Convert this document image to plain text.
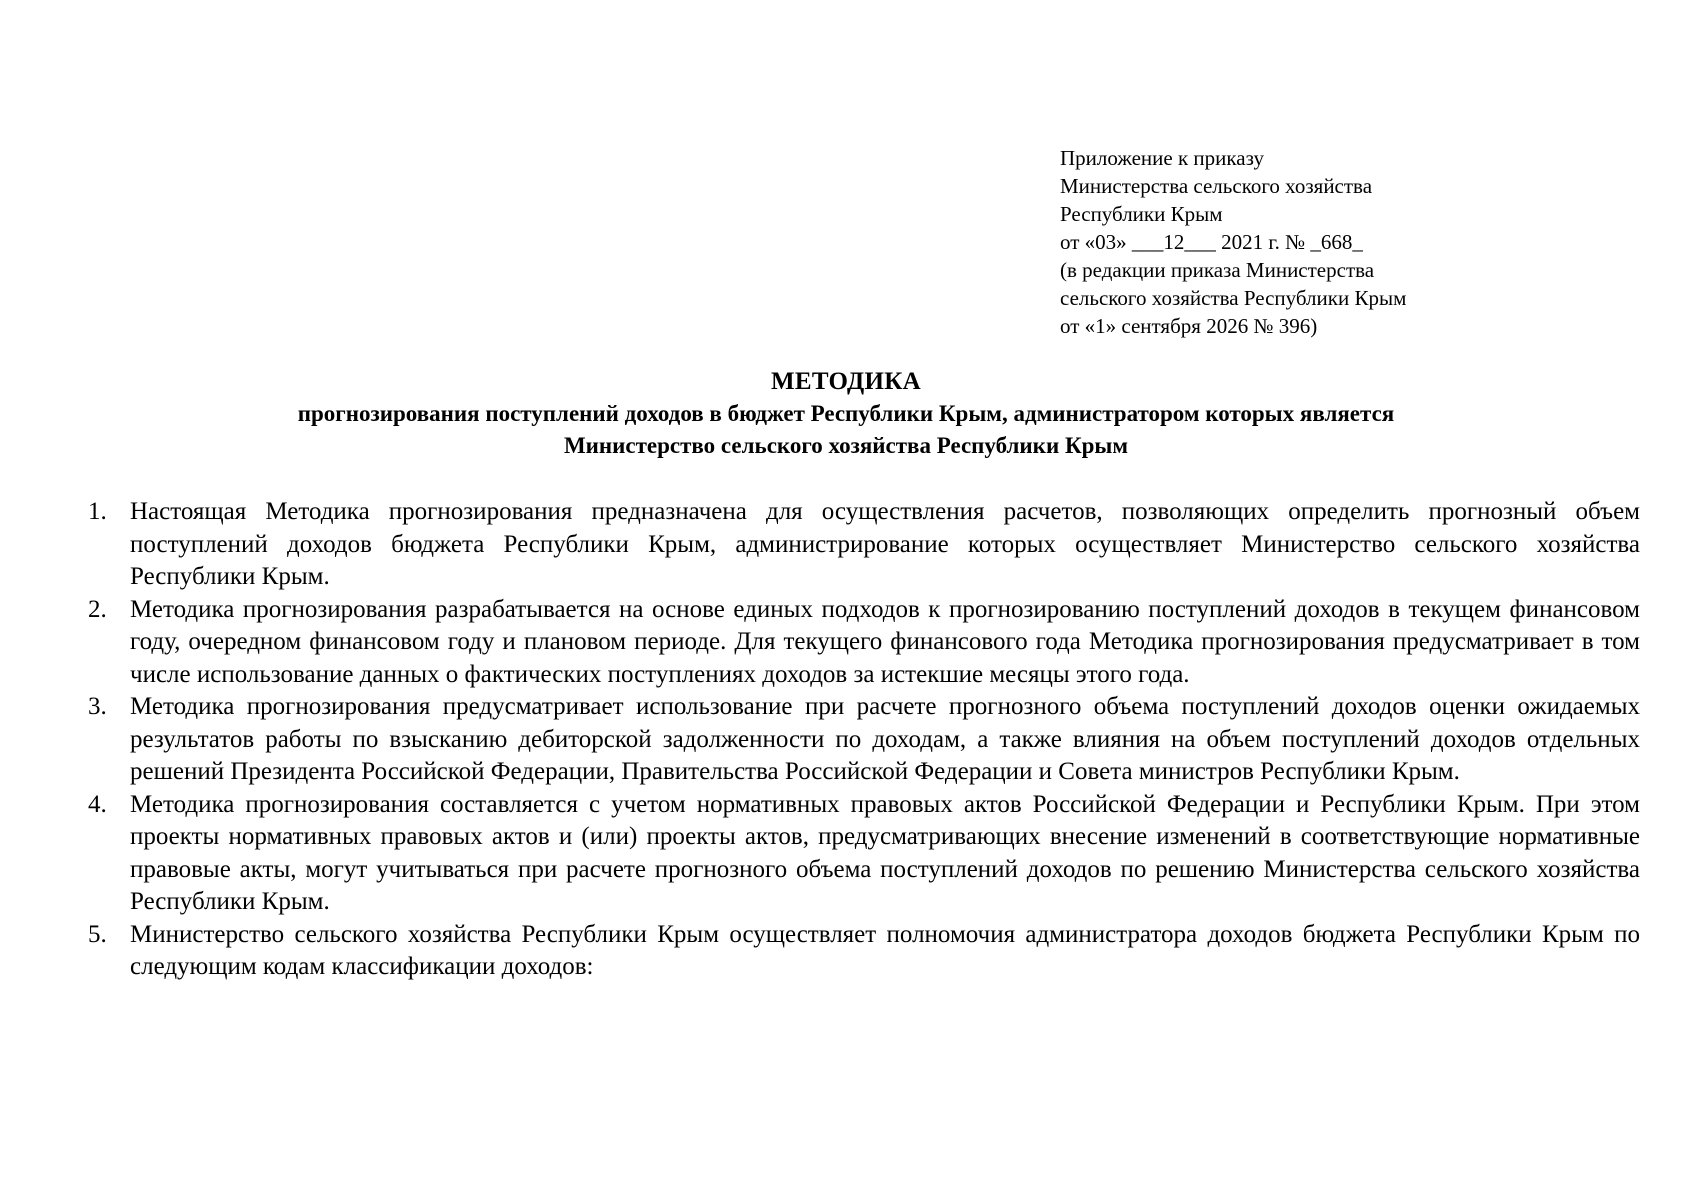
Приложение к приказу
Министерства сельского хозяйства
Республики Крым
от «03» ___12___ 2021 г. № _668_
(в редакции приказа Министерства
сельского хозяйства Республики Крым
от «1» сентября 2026 № 396)
МЕТОДИКА
прогнозирования поступлений доходов в бюджет Республики Крым, администратором которых является
Министерство сельского хозяйства Республики Крым
1. Настоящая Методика прогнозирования предназначена для осуществления расчетов, позволяющих определить прогнозный объем поступлений доходов бюджета Республики Крым, администрирование которых осуществляет Министерство сельского хозяйства Республики Крым.
2. Методика прогнозирования разрабатывается на основе единых подходов к прогнозированию поступлений доходов в текущем финансовом году, очередном финансовом году и плановом периоде. Для текущего финансового года Методика прогнозирования предусматривает в том числе использование данных о фактических поступлениях доходов за истекшие месяцы этого года.
3. Методика прогнозирования предусматривает использование при расчете прогнозного объема поступлений доходов оценки ожидаемых результатов работы по взысканию дебиторской задолженности по доходам, а также влияния на объем поступлений доходов отдельных решений Президента Российской Федерации, Правительства Российской Федерации и Совета министров Республики Крым.
4. Методика прогнозирования составляется с учетом нормативных правовых актов Российской Федерации и Республики Крым. При этом проекты нормативных правовых актов и (или) проекты актов, предусматривающих внесение изменений в соответствующие нормативные правовые акты, могут учитываться при расчете прогнозного объема поступлений доходов по решению Министерства сельского хозяйства Республики Крым.
5. Министерство сельского хозяйства Республики Крым осуществляет полномочия администратора доходов бюджета Республики Крым по следующим кодам классификации доходов:
